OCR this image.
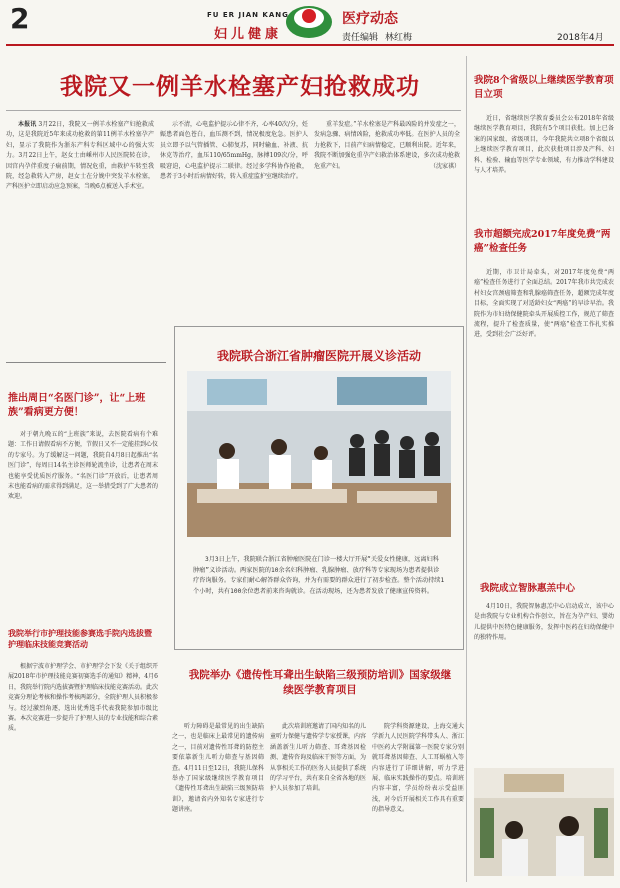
2	FU ER JIAN KANG
妇儿健康
医疗动态
责任编辑 林红梅	2018年4月
我院又一例羊水栓塞产妇抢救成功

本报讯 3月22日，我院又一例羊水栓塞产妇抢救成功，这是我院近5年来成功抢救的第11例羊水栓塞孕产妇，显示了我院作为浙东产科专科区域中心的强大实力。3月22日上午，赵女士由嵊州市人民医院转在诊，因宫内孕伴重度子痫前期，情况危重，由救护车转至我院，经急救转入产房，赵女士在分娩中突发羊水栓塞，产科医护立即启动应急预案，当晚6点被送入手术室。

示不清，心电监护提示心律不齐，心率40次/分，妊娠患者面色苍白，血压测不到，情况极度危急。医护人员立即予以气管插管、心肺复苏，同时输血、补液、抗休克等治疗，血压110/65mmHg，脉搏109次/分，呼吸窘迫，心电监护提示二联律。经过多学科协作抢救，患者于3小时后病情好转，转入重症监护室继续治疗。

重羊发症。”羊水栓塞是产科最凶险的并发症之一，发病急骤、病情凶险，抢救成功率低。在医护人员的全力抢救下，目前产妇病情稳定，已顺利出院。近年来，我院不断加强危重孕产妇救治体系建设，多次成功抢救危重产妇。	（沈家祺）

推出周日“名医门诊”，让“上班族”看病更方便！

对于朝九晚五的“上班族”来说，去医院看病有个难题：工作日请假看病不方便，节假日又不一定能挂到心仪的专家号。为了缓解这一问题，我院自4月8日起推出“名医门诊”，每周日14名主诊医师轮流坐诊，让患者在周末也能享受优质医疗服务。“名医门诊”开放后，让患者周末也能看病的需求得到满足，这一举措受到了广大患者的欢迎。

我院举行市护理技能参赛选手院内选拔暨护理临床技能竞赛活动

根据宁波市护理学会、市护理学会下发《关于组织开展2018年市护理技能竞赛初赛选手的通知》精神，4月6日，我院举行院内选拔赛暨护理临床技能竞赛活动。此次竞赛分理论考核和操作考核两部分，全院护理人员积极参与。经过激烈角逐，选出优秀选手代表我院参加市级比赛。本次竞赛进一步提升了护理人员的专业技能和综合素质。

我院联合浙江省肿瘤医院开展义诊活动

3月3日上午，我院联合浙江省肿瘤医院在门诊一楼大厅开展“关爱女性健康，远离妇科肿瘤”义诊活动。两家医院的10余名妇科肿瘤、乳腺肿瘤、放疗科等专家现场为患者提供诊疗咨询服务。专家们耐心解答群众咨询，并为有需要的群众进行了初步检查。整个活动持续1个小时，共有100余位患者前来咨询就诊。在活动现场，还为患者发放了健康宣传资料。

我院举办《遗传性耳聋出生缺陷三级预防培训》国家级继续医学教育项目

听力障碍是最常见的出生缺陷之一，也是临床上最常见的遗传病之一，目前对遗传性耳聋的防控主要依靠新生儿听力筛查与基因筛查。4月11日至12日，我院儿保科举办了国家级继续医学教育项目《遗传性耳聋出生缺陷三级预防培训》，邀请省内外知名专家进行专题讲座。

此次培训班邀请了国内知名的儿童听力保健与遗传学专家授课，内容涵盖新生儿听力筛查、耳聋基因检测、遗传咨询及临床干预等方面，为从事相关工作的医务人员提供了系统的学习平台，共有来自全省各地的医护人员参加了培训。

院学科资源建设，上海交通大学新九人民医院学科带头人、浙江中医药大学附属第一医院专家分别就耳聋基因筛查、人工耳蜗植入等内容进行了详细讲解，听力学进展、临床实践操作的要点。培训班内容丰富，学员纷纷表示受益匪浅，对今后开展相关工作具有重要的指导意义。

我院8个省级以上继续医学教育项目立项

近日，省继续医学教育委员会公布2018年省级继续医学教育项目，我院有5个项目获批。加上已备案的国家级、省级项目，今年我院共立项8个省级以上继续医学教育项目，此次获批项目涉及产科、妇科、检验、输血等医学专业领域，有力推动学科建设与人才培养。

我市超额完成2017年度免费“两癌”检查任务

近期，市卫计局牵头，对2017年度免费“两癌”检查任务进行了全面总结。2017年我市共完成农村妇女宫颈癌筛查和乳腺癌筛查任务，超额完成年度目标，全面实现了对适龄妇女“两癌”的早诊早治。我院作为市妇幼保健院牵头开展质控工作，规范了筛查流程，提升了检查质量，使“两癌”检查工作扎实推进，受到社会广泛好评。

我院成立智脉惠羔中心

4月10日，我院智脉惠羔中心启动成立，该中心是由我院与专业机构合作创立，旨在为孕产妇、婴幼儿提供中医特色健康服务，发挥中医药在妇幼保健中的独特作用。
